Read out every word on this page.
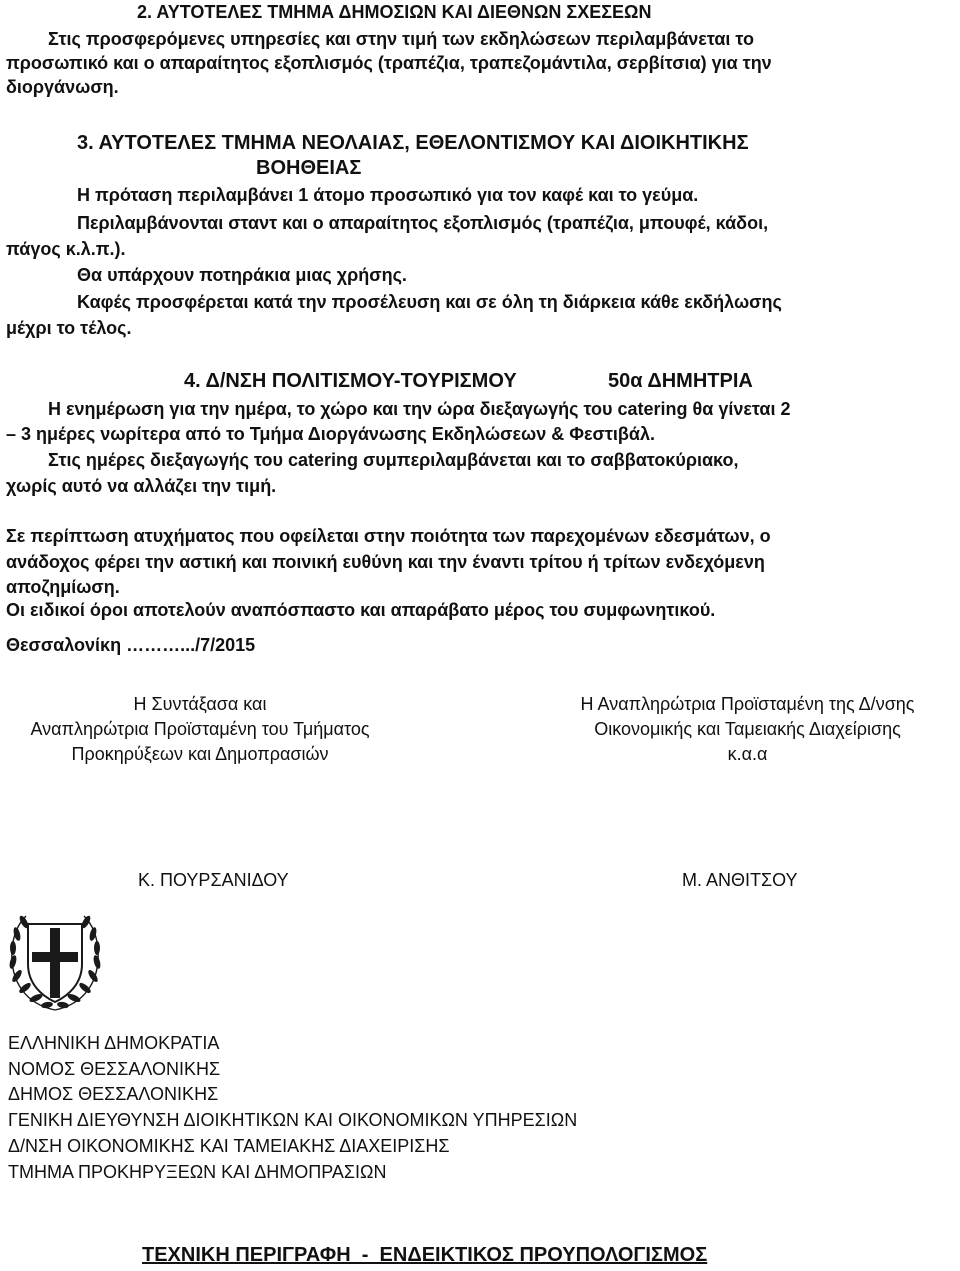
2. ΑΥΤΟΤΕΛΕΣ ΤΜΗΜΑ ΔΗΜΟΣΙΩΝ ΚΑΙ ΔΙΕΘΝΩΝ ΣΧΕΣΕΩΝ
Στις προσφερόμενες υπηρεσίες και στην τιμή των εκδηλώσεων περιλαμβάνεται το
προσωπικό και ο απαραίτητος εξοπλισμός (τραπέζια, τραπεζομάντιλα, σερβίτσια) για την
διοργάνωση.
3. ΑΥΤΟΤΕΛΕΣ ΤΜΗΜΑ ΝΕΟΛΑΙΑΣ, ΕΘΕΛΟΝΤΙΣΜΟΥ ΚΑΙ ΔΙΟΙΚΗΤΙΚΗΣ
ΒΟΗΘΕΙΑΣ
Η πρόταση περιλαμβάνει 1 άτομο προσωπικό για τον καφέ και το γεύμα.
Περιλαμβάνονται σταντ και ο απαραίτητος εξοπλισμός (τραπέζια, μπουφέ, κάδοι,
πάγος κ.λ.π.).
Θα υπάρχουν ποτηράκια μιας χρήσης.
Καφές προσφέρεται κατά την προσέλευση και σε όλη τη διάρκεια κάθε εκδήλωσης
μέχρι το τέλος.
4. Δ/ΝΣΗ ΠΟΛΙΤΙΣΜΟΥ-ΤΟΥΡΙΣΜΟΥ	50α ΔΗΜΗΤΡΙΑ
Η ενημέρωση για την ημέρα, το χώρο και την ώρα διεξαγωγής του catering θα γίνεται 2
– 3 ημέρες νωρίτερα από το Τμήμα Διοργάνωσης Εκδηλώσεων & Φεστιβάλ.
Στις ημέρες διεξαγωγής του catering συμπεριλαμβάνεται και το σαββατοκύριακο,
χωρίς αυτό να αλλάζει την τιμή.
Σε περίπτωση ατυχήματος που οφείλεται στην ποιότητα των παρεχομένων εδεσμάτων, ο
ανάδοχος φέρει την αστική και ποινική ευθύνη και την έναντι τρίτου ή τρίτων ενδεχόμενη
αποζημίωση.
Οι ειδικοί όροι αποτελούν αναπόσπαστο και απαράβατο μέρος του συμφωνητικού.
Θεσσαλονίκη ……….../7/2015
Η Συντάξασα και
Αναπληρώτρια Προϊσταμένη του Τμήματος
Προκηρύξεων και Δημοπρασιών
Η Αναπληρώτρια Προϊσταμένη της Δ/νσης
Οικονομικής και Ταμειακής Διαχείρισης
κ.α.α
Κ. ΠΟΥΡΣΑΝΙΔΟΥ	Μ. ΑΝΘΙΤΣΟΥ
ΕΛΛΗΝΙΚΗ ΔΗΜΟΚΡΑΤΙΑ
ΝΟΜΟΣ ΘΕΣΣΑΛΟΝΙΚΗΣ
ΔΗΜΟΣ ΘΕΣΣΑΛΟΝΙΚΗΣ
ΓΕΝΙΚΗ ΔΙΕΥΘΥΝΣΗ ΔΙΟΙΚΗΤΙΚΩΝ ΚΑΙ ΟΙΚΟΝΟΜΙΚΩΝ ΥΠΗΡΕΣΙΩΝ
Δ/ΝΣΗ ΟΙΚΟΝΟΜΙΚΗΣ ΚΑΙ ΤΑΜΕΙΑΚΗΣ ΔΙΑΧΕΙΡΙΣΗΣ
ΤΜΗΜΑ ΠΡΟΚΗΡΥΞΕΩΝ ΚΑΙ ΔΗΜΟΠΡΑΣΙΩΝ
ΤΕΧΝΙΚΗ ΠΕΡΙΓΡΑΦΗ  -  ΕΝΔΕΙΚΤΙΚΟΣ ΠΡΟΥΠΟΛΟΓΙΣΜΟΣ
